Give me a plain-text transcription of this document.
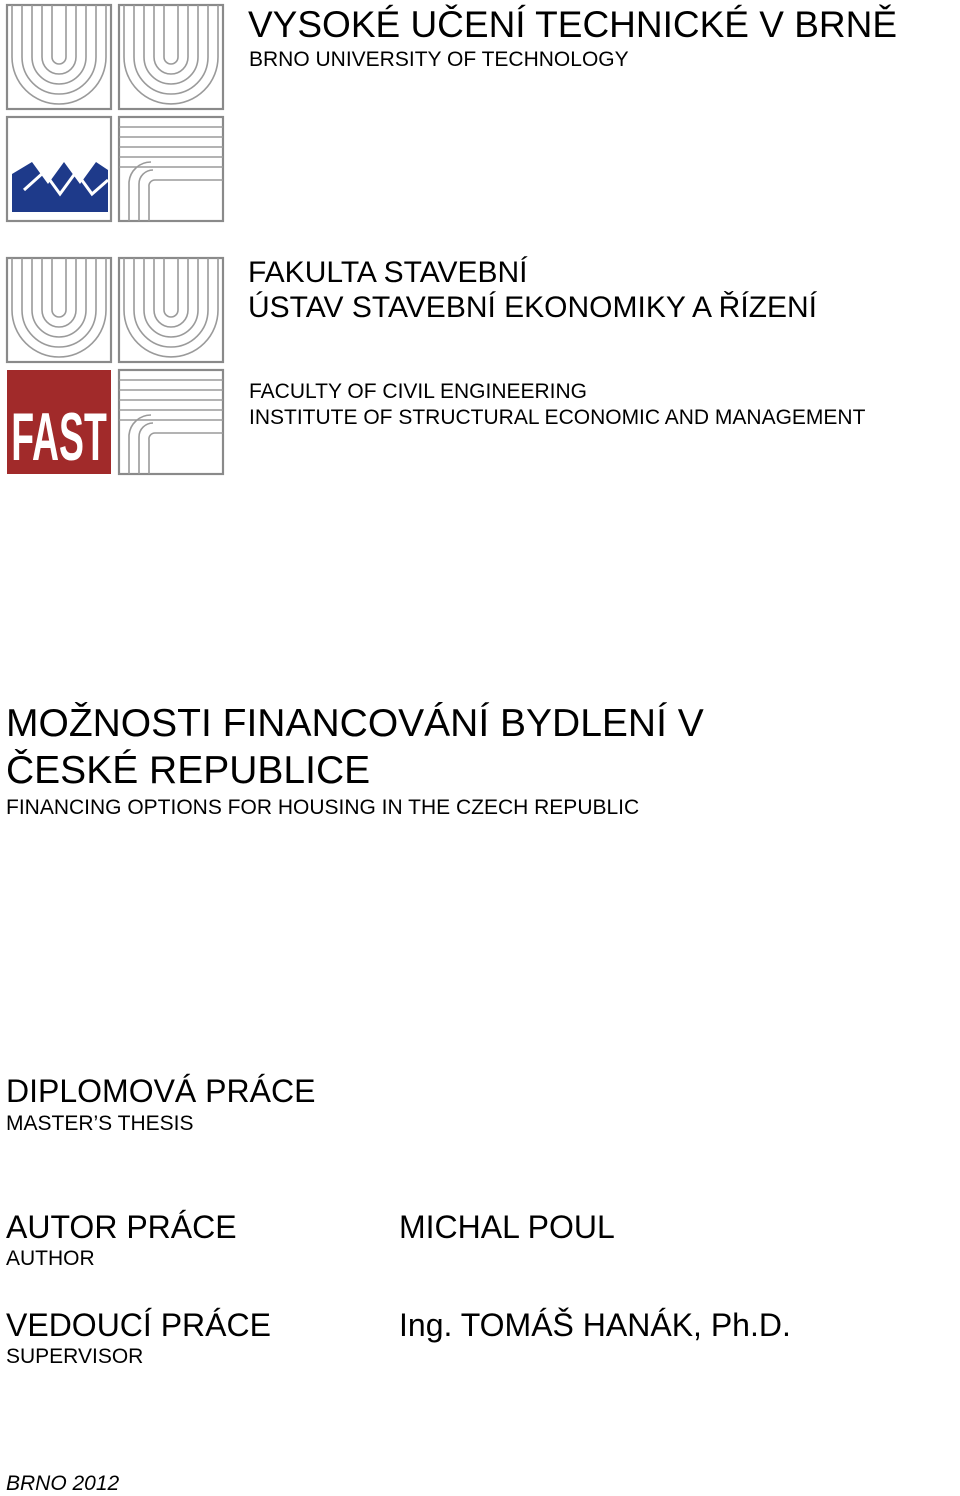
FAST
VYSOKÉ UČENÍ TECHNICKÉ V BRNĚ
BRNO UNIVERSITY OF TECHNOLOGY
FAKULTA STAVEBNÍ
ÚSTAV STAVEBNÍ EKONOMIKY A ŘÍZENÍ
FACULTY OF CIVIL ENGINEERING
INSTITUTE OF STRUCTURAL ECONOMIC AND MANAGEMENT
MOŽNOSTI FINANCOVÁNÍ BYDLENÍ V
ČESKÉ REPUBLICE
FINANCING OPTIONS FOR HOUSING IN THE CZECH REPUBLIC
DIPLOMOVÁ PRÁCE
MASTER’S THESIS
AUTOR PRÁCE
AUTHOR
MICHAL POUL
VEDOUCÍ PRÁCE
SUPERVISOR
Ing. TOMÁŠ HANÁK, Ph.D.
BRNO 2012
